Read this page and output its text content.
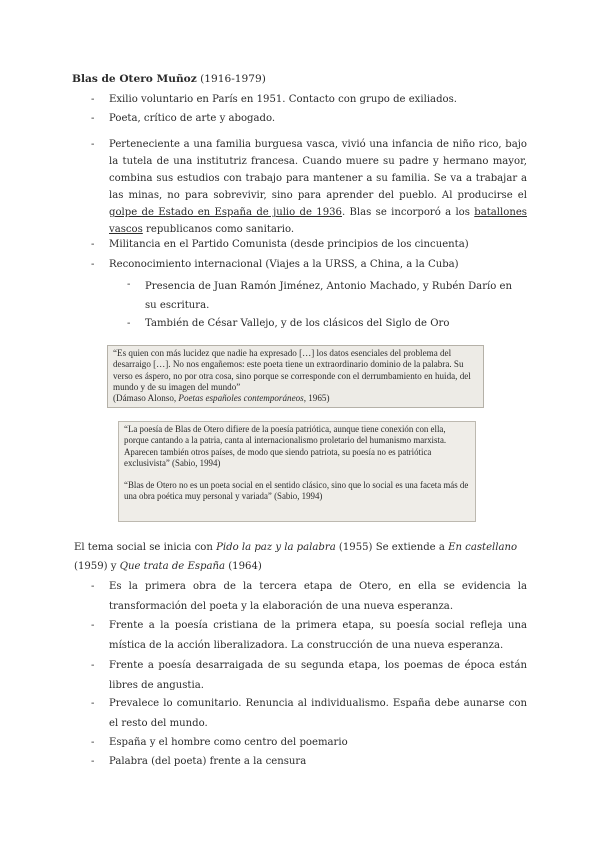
Blas de Otero Muñoz (1916-1979)
- Exilio voluntario en París en 1951. Contacto con grupo de exiliados.
- Poeta, crítico de arte y abogado.
- Perteneciente a una familia burguesa vasca, vivió una infancia de niño rico, bajo la tutela de una institutriz francesa. Cuando muere su padre y hermano mayor, combina sus estudios con trabajo para mantener a su familia. Se va a trabajar a las minas, no para sobrevivir, sino para aprender del pueblo. Al producirse el golpe de Estado en España de julio de 1936. Blas se incorporó a los batallones vascos republicanos como sanitario.
- Militancia en el Partido Comunista (desde principios de los cincuenta)
- Reconocimiento internacional (Viajes a la URSS, a China, a la Cuba)
- Presencia de Juan Ramón Jiménez, Antonio Machado, y Rubén Darío en su escritura.
- También de César Vallejo, y de los clásicos del Siglo de Oro
“Es quien con más lucidez que nadie ha expresado […] los datos esenciales del problema del desarraigo […]. No nos engañemos: este poeta tiene un extraordinario dominio de la palabra. Su verso es áspero, no por otra cosa, sino porque se corresponde con el derrumbamiento en huida, del mundo y de su imagen del mundo”
(Dámaso Alonso, Poetas españoles contemporáneos, 1965)
“La poesía de Blas de Otero difiere de la poesía patriótica, aunque tiene conexión con ella, porque cantando a la patria, canta al internacionalismo proletario del humanismo marxista. Aparecen también otros países, de modo que siendo patriota, su poesía no es patriótica exclusivista” (Sabio, 1994)
“Blas de Otero no es un poeta social en el sentido clásico, sino que lo social es una faceta más de una obra poética muy personal y variada” (Sabio, 1994)
El tema social se inicia con Pido la paz y la palabra (1955) Se extiende a En castellano (1959) y Que trata de España (1964)
- Es la primera obra de la tercera etapa de Otero, en ella se evidencia la transformación del poeta y la elaboración de una nueva esperanza.
- Frente a la poesía cristiana de la primera etapa, su poesía social refleja una mística de la acción liberalizadora. La construcción de una nueva esperanza.
- Frente a poesía desarraigada de su segunda etapa, los poemas de época están libres de angustia.
- Prevalece lo comunitario. Renuncia al individualismo. España debe aunarse con el resto del mundo.
- España y el hombre como centro del poemario
- Palabra (del poeta) frente a la censura
